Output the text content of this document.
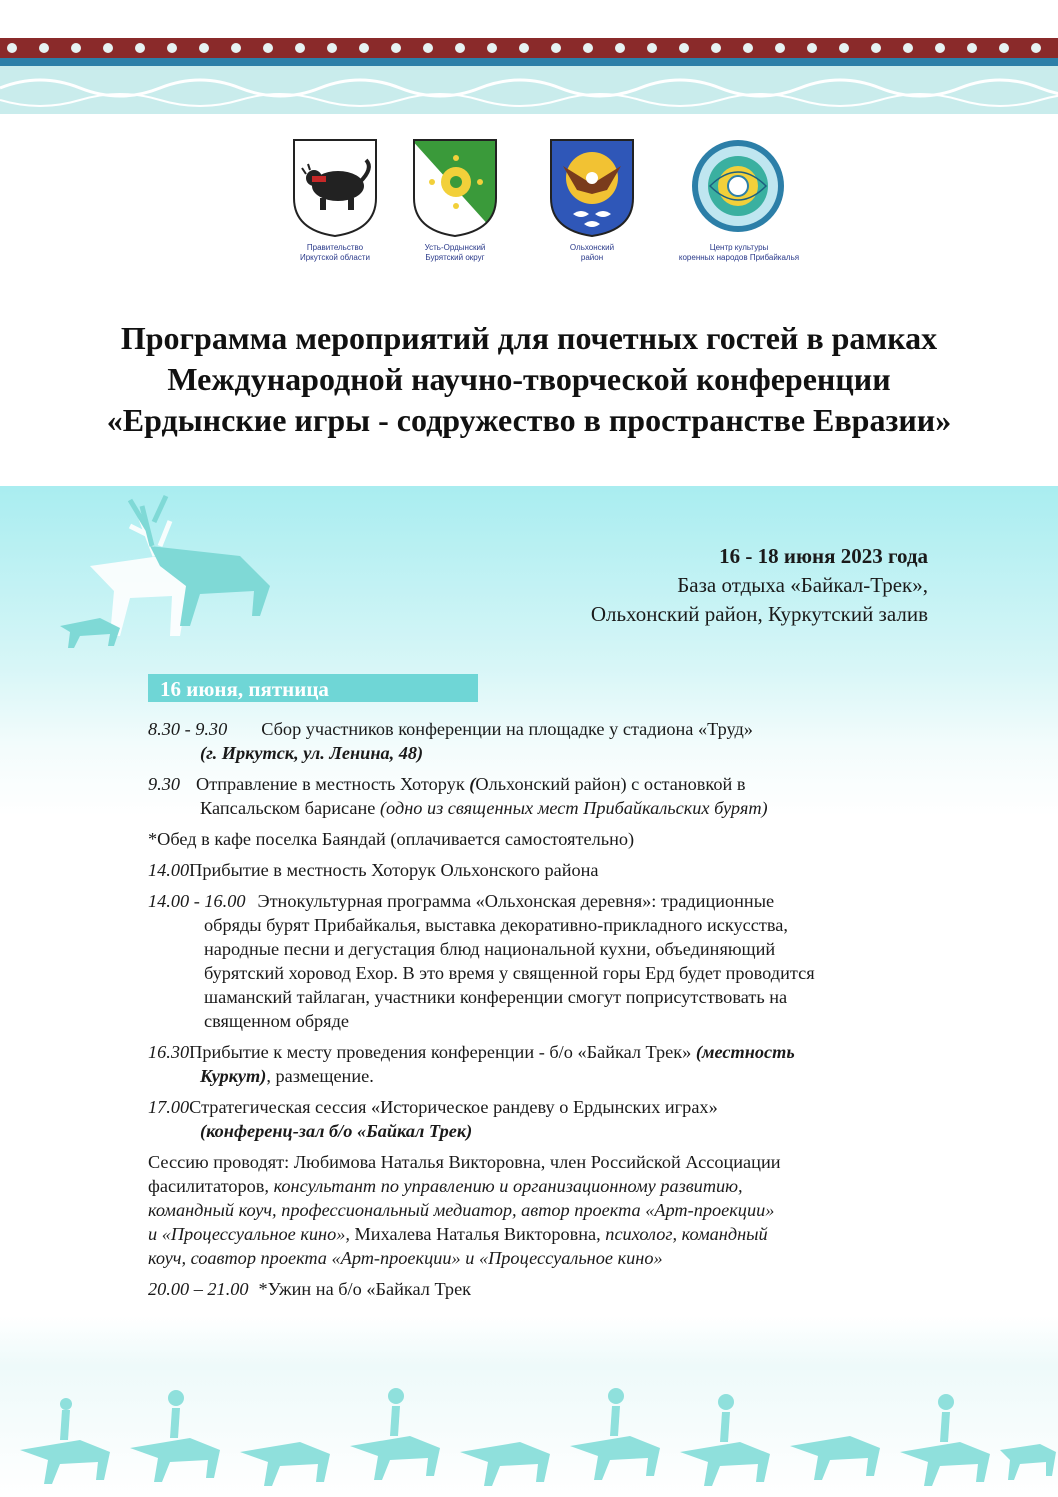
Правительство
Иркутской области
Усть-Ордынский
Бурятский округ
Ольхонский
район
Центр культуры
коренных народов Прибайкалья
Программа мероприятий для почетных гостей в рамках
Международной научно-творческой конференции
«Ердынские игры - содружество в пространстве Евразии»
16 - 18 июня 2023 года
База отдыха «Байкал-Трек»,
Ольхонский район, Куркутский залив
16 июня, пятница
8.30 - 9.30 Сбор участников конференции на площадке у стадиона «Труд»
(г. Иркутск, ул. Ленина, 48)
9.30 Отправление в местность Хоторук (Ольхонский район) с остановкой в
Капсальском барисане (одно из священных мест Прибайкальских бурят)
*Обед в кафе поселка Баяндай (оплачивается самостоятельно)
14.00Прибытие в местность Хоторук Ольхонского района
14.00 - 16.00 Этнокультурная программа «Ольхонская деревня»: традиционные
обряды бурят Прибайкалья, выставка декоративно-прикладного искусства,
народные песни и дегустация блюд национальной кухни, объединяющий
бурятский хоровод Ехор. В это время у священной горы Ерд будет проводится
шаманский тайлаган, участники конференции смогут поприсутствовать на
священном обряде
16.30Прибытие к месту проведения конференции - б/о «Байкал Трек» (местность
Куркут), размещение.
17.00Стратегическая сессия «Историческое рандеву о Ердынских играх»
(конференц-зал б/о «Байкал Трек)
Сессию проводят: Любимова Наталья Викторовна, член Российской Ассоциации
фасилитаторов, консультант по управлению и организационному развитию,
командный коуч, профессиональный медиатор, автор проекта «Арт-проекции»
и «Процессуальное кино», Михалева Наталья Викторовна, психолог, командный
коуч, соавтор проекта «Арт-проекции» и «Процессуальное кино»
20.00 – 21.00 *Ужин на б/о «Байкал Трек
